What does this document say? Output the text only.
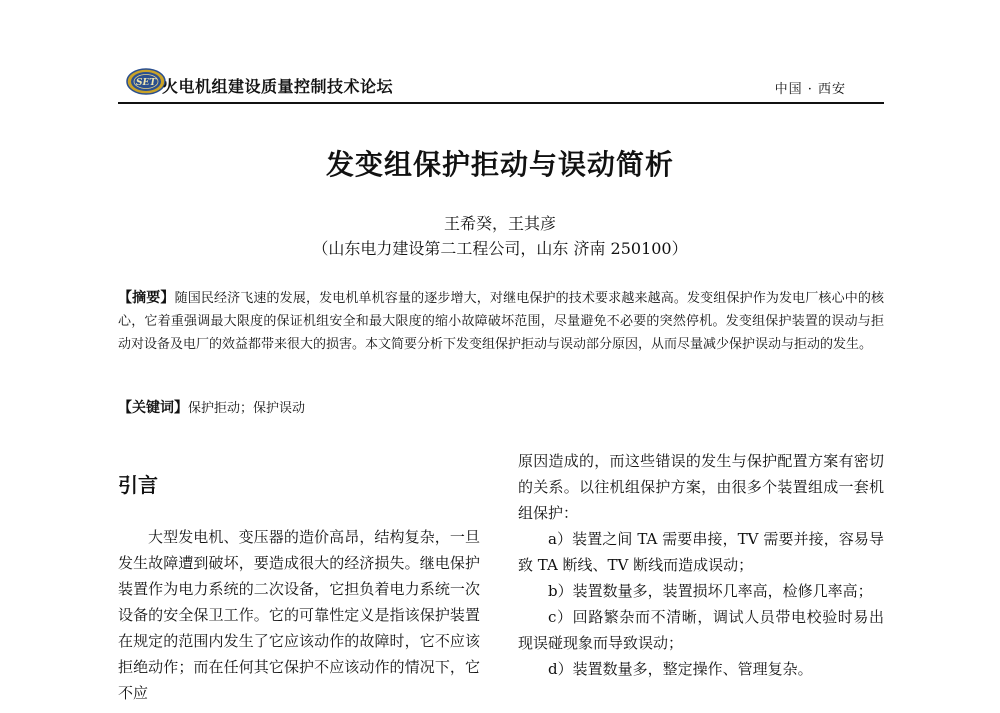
SET 火电机组建设质量控制技术论坛	中国 · 西安
发变组保护拒动与误动简析
王希癸，王其彦
（山东电力建设第二工程公司，山东 济南 250100）
【摘要】随国民经济飞速的发展，发电机单机容量的逐步增大，对继电保护的技术要求越来越高。发变组保护作为发电厂核心中的核心，它着重强调最大限度的保证机组安全和最大限度的缩小故障破坏范围，尽量避免不必要的突然停机。发变组保护装置的误动与拒动对设备及电厂的效益都带来很大的损害。本文简要分析下发变组保护拒动与误动部分原因，从而尽量减少保护误动与拒动的发生。
【关键词】保护拒动；保护误动
引言

大型发电机、变压器的造价高昂，结构复杂，一旦发生故障遭到破坏，要造成很大的经济损失。继电保护装置作为电力系统的二次设备，它担负着电力系统一次设备的安全保卫工作。它的可靠性定义是指该保护装置在规定的范围内发生了它应该动作的故障时，它不应该拒绝动作；而在任何其它保护不应该动作的情况下，它不应

原因造成的，而这些错误的发生与保护配置方案有密切的关系。以往机组保护方案，由很多个装置组成一套机组保护：

a）装置之间 TA 需要串接，TV 需要并接，容易导致 TA 断线、TV 断线而造成误动；

b）装置数量多，装置损坏几率高，检修几率高；

c）回路繁杂而不清晰，调试人员带电校验时易出现误碰现象而导致误动；

d）装置数量多，整定操作、管理复杂。
